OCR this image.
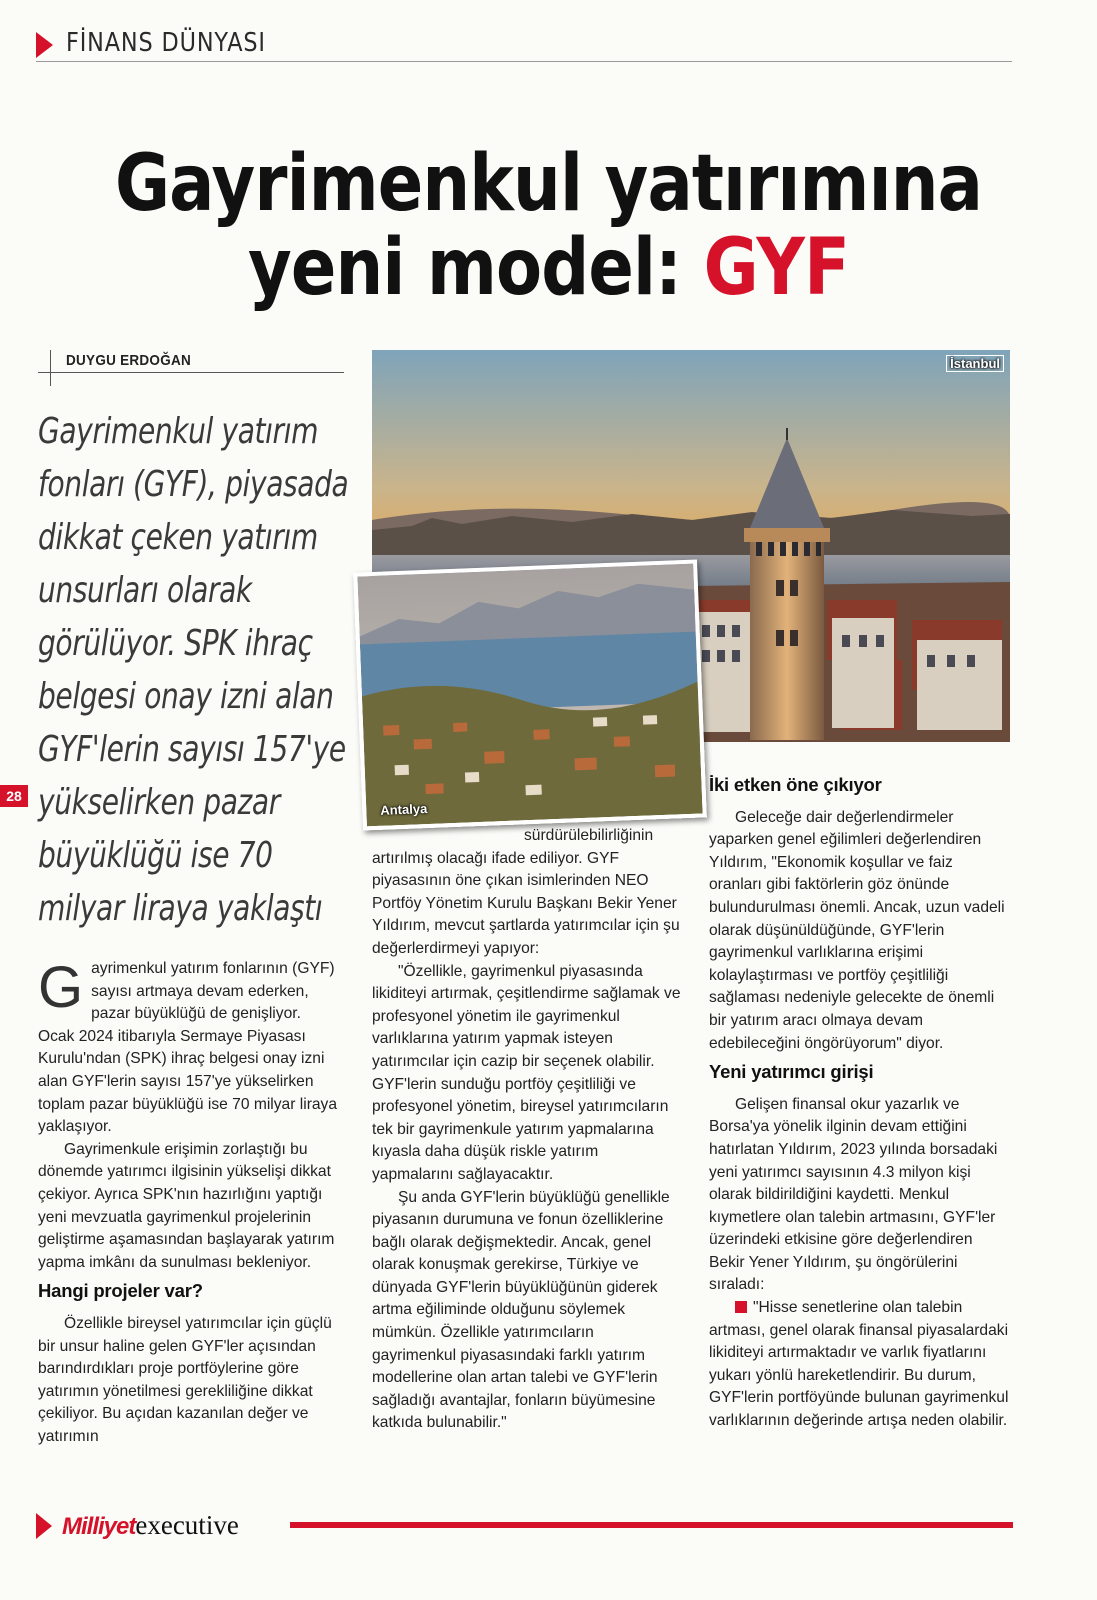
FİNANS DÜNYASI
Gayrimenkul yatırımına
yeni model: GYF
DUYGU ERDOĞAN
Gayrimenkul yatırım
fonları (GYF), piyasada
dikkat çeken yatırım
unsurları olarak
görülüyor. SPK ihraç
belgesi onay izni alan
GYF'lerin sayısı 157'ye
yükselirken pazar
büyüklüğü ise 70
milyar liraya yaklaştı
28
İstanbul
Antalya

Gayrimenkul yatırım fonlarının (GYF) sayısı artmaya devam ederken, pazar büyüklüğü de genişliyor. Ocak 2024 itibarıyla Sermaye Piyasası Kurulu'ndan (SPK) ihraç belgesi onay izni alan GYF'lerin sayısı 157'ye yükselirken toplam pazar büyüklüğü ise 70 milyar liraya yaklaşıyor.

Gayrimenkule erişimin zorlaştığı bu dönemde yatırımcı ilgisinin yükselişi dikkat çekiyor. Ayrıca SPK'nın hazırlığını yaptığı yeni mevzuatla gayrimenkul projelerinin geliştirme aşamasından başlayarak yatırım yapma imkânı da sunulması bekleniyor.

Hangi projeler var?

Özellikle bireysel yatırımcılar için güçlü bir unsur haline gelen GYF'ler açısından barındırdıkları proje portföylerine göre yatırımın yönetilmesi gerekliliğine dikkat çekiliyor. Bu açıdan kazanılan değer ve yatırımın

sürdürülebilirliğinin

artırılmış olacağı ifade ediliyor. GYF piyasasının öne çıkan isimlerinden NEO Portföy Yönetim Kurulu Başkanı Bekir Yener Yıldırım, mevcut şartlarda yatırımcılar için şu değerlerdirmeyi yapıyor:

"Özellikle, gayrimenkul piyasasında likiditeyi artırmak, çeşitlendirme sağlamak ve profesyonel yönetim ile gayrimenkul varlıklarına yatırım yapmak isteyen yatırımcılar için cazip bir seçenek olabilir. GYF'lerin sunduğu portföy çeşitliliği ve profesyonel yönetim, bireysel yatırımcıların tek bir gayrimenkule yatırım yapmalarına kıyasla daha düşük riskle yatırım yapmalarını sağlayacaktır.

Şu anda GYF'lerin büyüklüğü genellikle piyasanın durumuna ve fonun özelliklerine bağlı olarak değişmektedir. Ancak, genel olarak konuşmak gerekirse, Türkiye ve dünyada GYF'lerin büyüklüğünün giderek artma eğiliminde olduğunu söylemek mümkün. Özellikle yatırımcıların gayrimenkul piyasasındaki farklı yatırım modellerine olan artan talebi ve GYF'lerin sağladığı avantajlar, fonların büyümesine katkıda bulunabilir."

İki etken öne çıkıyor

Geleceğe dair değerlendirmeler yaparken genel eğilimleri değerlendiren Yıldırım, "Ekonomik koşullar ve faiz oranları gibi faktörlerin göz önünde bulundurulması önemli. Ancak, uzun vadeli olarak düşünüldüğünde, GYF'lerin gayrimenkul varlıklarına erişimi kolaylaştırması ve portföy çeşitliliği sağlaması nedeniyle gelecekte de önemli bir yatırım aracı olmaya devam edebileceğini öngörüyorum" diyor.

Yeni yatırımcı girişi

Gelişen finansal okur yazarlık ve Borsa'ya yönelik ilginin devam ettiğini hatırlatan Yıldırım, 2023 yılında borsadaki yeni yatırımcı sayısının 4.3 milyon kişi olarak bildirildiğini kaydetti. Menkul kıymetlere olan talebin artmasını, GYF'ler üzerindeki etkisine göre değerlendiren Bekir Yener Yıldırım, şu öngörülerini sıraladı:

"Hisse senetlerine olan talebin artması, genel olarak finansal piyasalardaki likiditeyi artırmaktadır ve varlık fiyatlarını yukarı yönlü hareketlendirir. Bu durum, GYF'lerin portföyünde bulunan gayrimenkul varlıklarının değerinde artışa neden olabilir.

Milliyetexecutive
